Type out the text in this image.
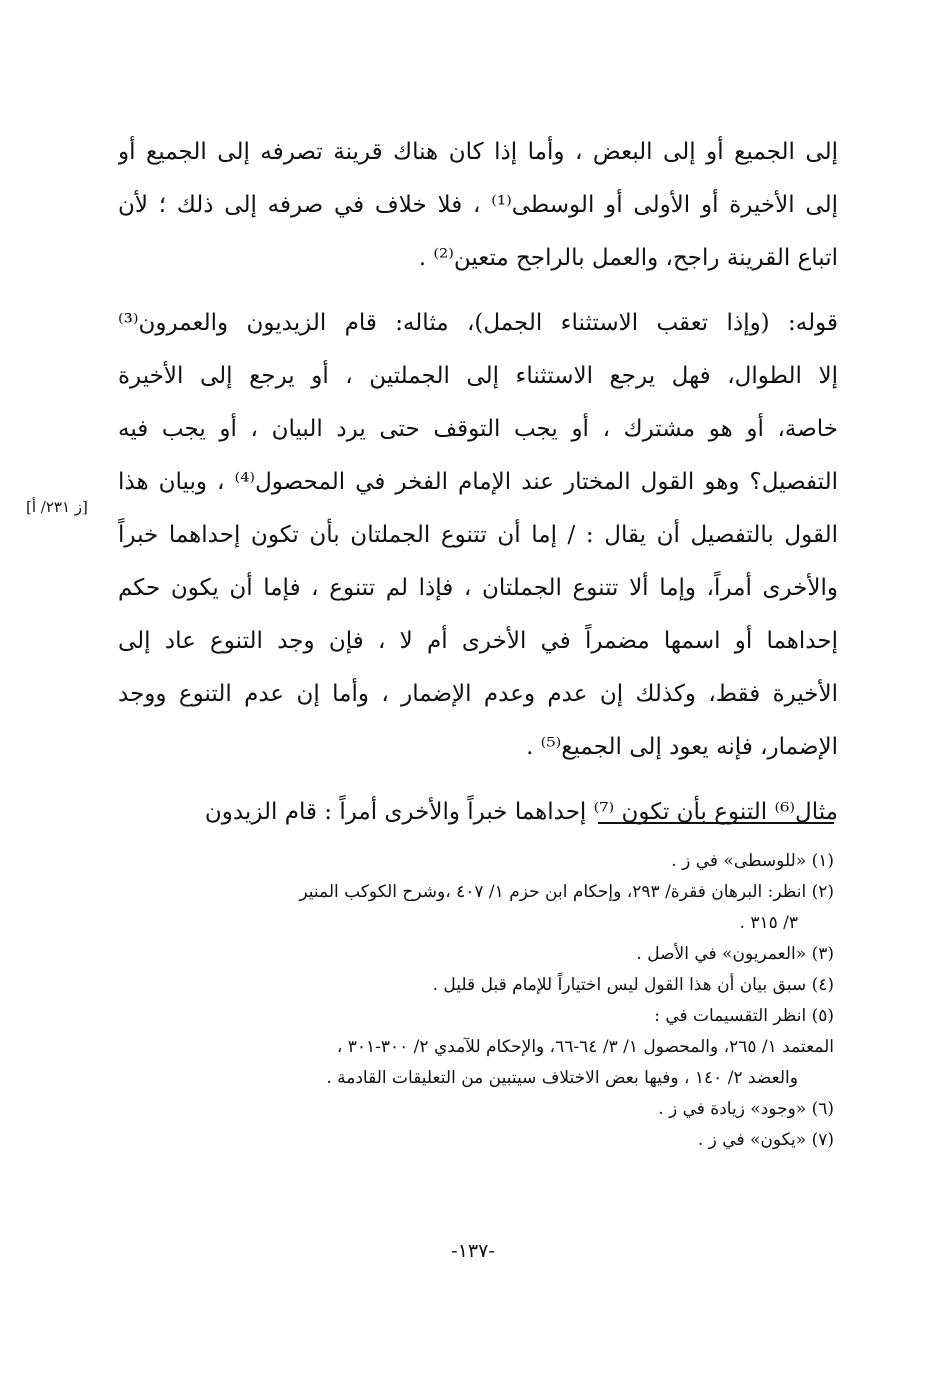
إلى الجميع أو إلى البعض ، وأما إذا كان هناك قرينة تصرفه إلى الجميع أو
إلى الأخيرة أو الأولى أو الوسطى⁽¹⁾ ، فلا خلاف في صرفه إلى ذلك ؛ لأن
اتباع القرينة راجح، والعمل بالراجح متعين⁽²⁾ .
قوله: (وإذا تعقب الاستثناء الجمل)، مثاله: قام الزيديون والعمرون⁽³⁾
إلا الطوال، فهل يرجع الاستثناء إلى الجملتين ، أو يرجع إلى الأخيرة
خاصة، أو هو مشترك ، أو يجب التوقف حتى يرد البيان ، أو يجب فيه
التفصيل؟ وهو القول المختار عند الإمام الفخر في المحصول⁽⁴⁾ ، وبيان هذا
القول بالتفصيل أن يقال : / إما أن تتنوع الجملتان بأن تكون إحداهما خبراً
والأخرى أمراً، وإما ألا تتنوع الجملتان ، فإذا لم تتنوع ، فإما أن يكون حكم
إحداهما أو اسمها مضمراً في الأخرى أم لا ، فإن وجد التنوع عاد إلى
الأخيرة فقط، وكذلك إن عدم وعدم الإضمار ، وأما إن عدم التنوع ووجد
الإضمار، فإنه يعود إلى الجميع⁽⁵⁾ .
مثال⁽⁶⁾ التنوع بأن تكون ⁽⁷⁾ إحداهما خبراً والأخرى أمراً : قام الزيدون
[ز ٢٣١/ أ]
(١) «للوسطى» في ز .
(٢) انظر: البرهان فقرة/ ٢٩٣، وإحكام ابن حزم ١/ ٤٠٧ ،وشرح الكوكب المنير
٣/ ٣١٥ .
(٣) «العمريون» في الأصل .
(٤) سبق بيان أن هذا القول ليس اختياراً للإمام قبل قليل .
(٥) انظر التقسيمات في :
المعتمد ١/ ٢٦٥، والمحصول ١/ ٣/ ٦٤-٦٦، والإحكام للآمدي ٢/ ٣٠٠-٣٠١ ،
والعضد ٢/ ١٤٠ ، وفيها بعض الاختلاف سيتبين من التعليقات القادمة .
(٦) «وجود» زيادة في ز .
(٧) «يكون» في ز .
-١٣٧-
